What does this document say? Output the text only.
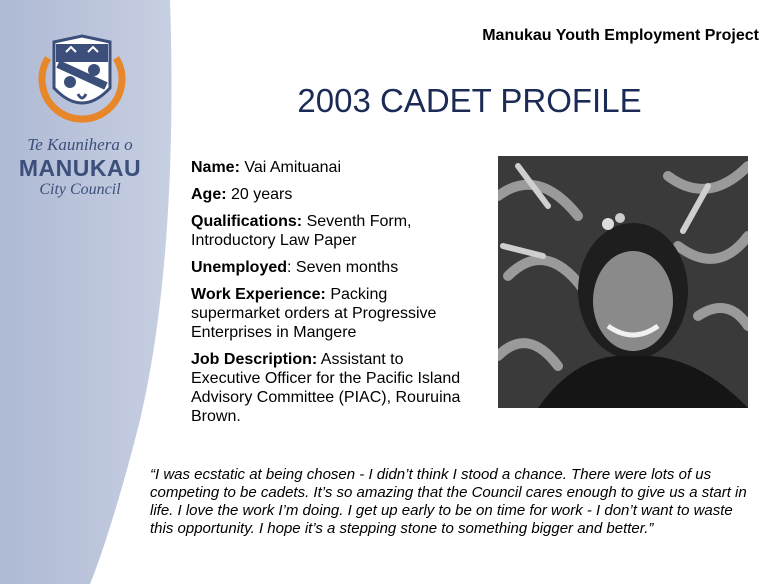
Te Kaunihera o
MANUKAU
City Council
Manukau Youth Employment Project
2003 CADET PROFILE
Name: Vai Amituanai
Age: 20 years
Qualifications: Seventh Form, Introductory Law Paper
Unemployed: Seven months
Work Experience: Packing supermarket orders at Progressive Enterprises in Mangere
Job Description: Assistant to Executive Officer for the Pacific Island Advisory Committee (PIAC), Rouruina Brown.
“I was ecstatic at being chosen - I didn’t think I stood a chance. There were lots of us competing to be cadets. It’s so amazing that the Council cares enough to give us a start in life. I love the work I’m doing. I get up early to be on time for work - I don’t want to waste this opportunity. I hope it’s a stepping stone to something bigger and better.”
